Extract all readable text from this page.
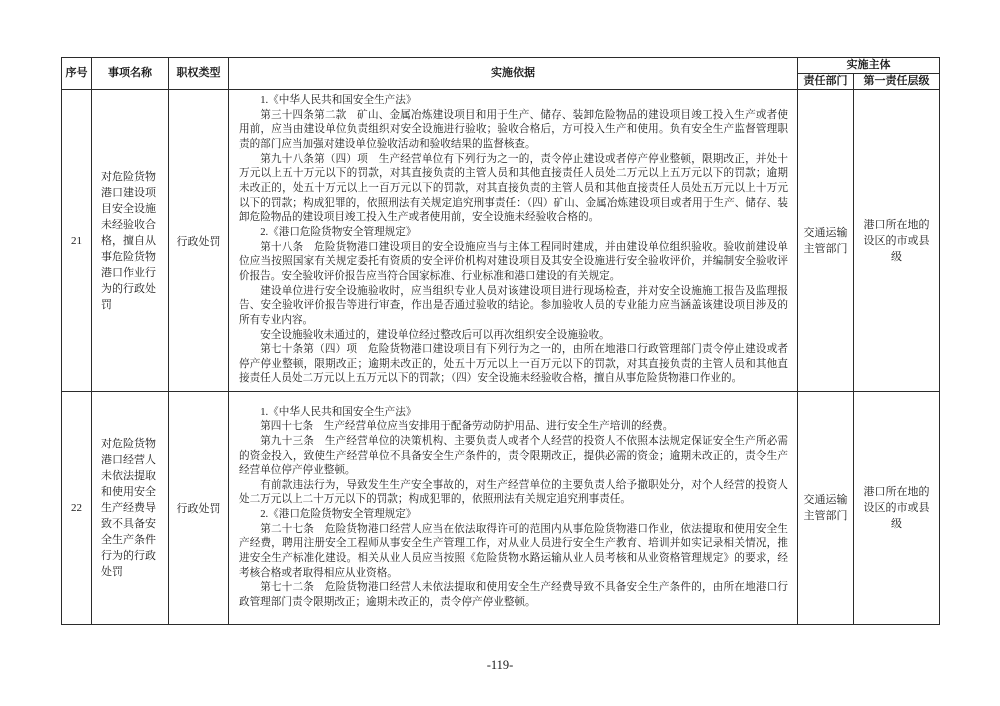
序号	事项名称	职权类型	实施依据	实施主体	
				责任部门	第一责任层级
21	对危险货物港口建设项目安全设施未经验收合格，擅自从事危险货物港口作业行为的行政处罚	行政处罚	

1.《中华人民共和国安全生产法》

第三十四条第二款　矿山、金属冶炼建设项目和用于生产、储存、装卸危险物品的建设项目竣工投入生产或者使用前，应当由建设单位负责组织对安全设施进行验收；验收合格后，方可投入生产和使用。负有安全生产监督管理职责的部门应当加强对建设单位验收活动和验收结果的监督核查。

第九十八条第（四）项　生产经营单位有下列行为之一的，责令停止建设或者停产停业整顿，限期改正，并处十万元以上五十万元以下的罚款，对其直接负责的主管人员和其他直接责任人员处二万元以上五万元以下的罚款；逾期未改正的，处五十万元以上一百万元以下的罚款，对其直接负责的主管人员和其他直接责任人员处五万元以上十万元以下的罚款；构成犯罪的，依照刑法有关规定追究刑事责任：（四）矿山、金属冶炼建设项目或者用于生产、储存、装卸危险物品的建设项目竣工投入生产或者使用前，安全设施未经验收合格的。

2.《港口危险货物安全管理规定》

第十八条　危险货物港口建设项目的安全设施应当与主体工程同时建成，并由建设单位组织验收。验收前建设单位应当按照国家有关规定委托有资质的安全评价机构对建设项目及其安全设施进行安全验收评价，并编制安全验收评价报告。安全验收评价报告应当符合国家标准、行业标准和港口建设的有关规定。

建设单位进行安全设施验收时，应当组织专业人员对该建设项目进行现场检查，并对安全设施施工报告及监理报告、安全验收评价报告等进行审查，作出是否通过验收的结论。参加验收人员的专业能力应当涵盖该建设项目涉及的所有专业内容。

安全设施验收未通过的，建设单位经过整改后可以再次组织安全设施验收。

第七十条第（四）项　危险货物港口建设项目有下列行为之一的，由所在地港口行政管理部门责令停止建设或者停产停业整顿，限期改正；逾期未改正的，处五十万元以上一百万元以下的罚款，对其直接负责的主管人员和其他直接责任人员处二万元以上五万元以下的罚款；（四）安全设施未经验收合格，擅自从事危险货物港口作业的。

	交通运输主管部门	港口所在地的设区的市或县级
22	对危险货物港口经营人未依法提取和使用安全生产经费导致不具备安全生产条件行为的行政处罚	行政处罚	

1.《中华人民共和国安全生产法》

第四十七条　生产经营单位应当安排用于配备劳动防护用品、进行安全生产培训的经费。

第九十三条　生产经营单位的决策机构、主要负责人或者个人经营的投资人不依照本法规定保证安全生产所必需的资金投入，致使生产经营单位不具备安全生产条件的，责令限期改正，提供必需的资金；逾期未改正的，责令生产经营单位停产停业整顿。

有前款违法行为，导致发生生产安全事故的，对生产经营单位的主要负责人给予撤职处分，对个人经营的投资人处二万元以上二十万元以下的罚款；构成犯罪的，依照刑法有关规定追究刑事责任。

2.《港口危险货物安全管理规定》

第二十七条　危险货物港口经营人应当在依法取得许可的范围内从事危险货物港口作业，依法提取和使用安全生产经费，聘用注册安全工程师从事安全生产管理工作，对从业人员进行安全生产教育、培训并如实记录相关情况，推进安全生产标准化建设。相关从业人员应当按照《危险货物水路运输从业人员考核和从业资格管理规定》的要求，经考核合格或者取得相应从业资格。

第七十二条　危险货物港口经营人未依法提取和使用安全生产经费导致不具备安全生产条件的，由所在地港口行政管理部门责令限期改正；逾期未改正的，责令停产停业整顿。

	交通运输主管部门	港口所在地的设区的市或县级
-119-
